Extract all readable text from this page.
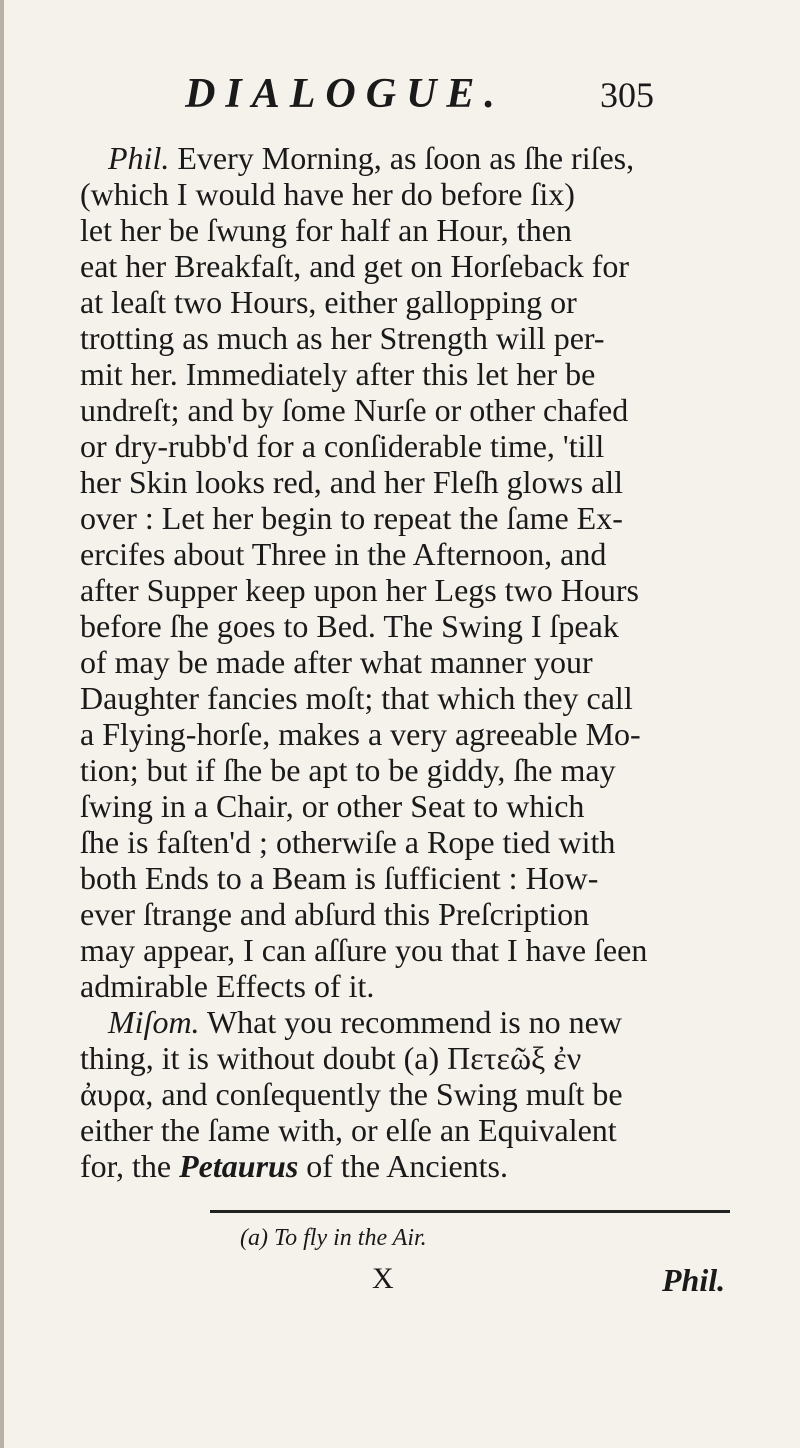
DIALOGUE.	305
Phil. Every Morning, as ſoon as ſhe riſes,
(which I would have her do before ſix)
let her be ſwung for half an Hour, then
eat her Breakfaſt, and get on Horſeback for
at leaſt two Hours, either gallopping or
trotting as much as her Strength will per-
mit her. Immediately after this let her be
undreſt; and by ſome Nurſe or other chafed
or dry-rubb'd for a conſiderable time, 'till
her Skin looks red, and her Fleſh glows all
over : Let her begin to repeat the ſame Ex-
ercifes about Three in the Afternoon, and
after Supper keep upon her Legs two Hours
before ſhe goes to Bed. The Swing I ſpeak
of may be made after what manner your
Daughter fancies moſt; that which they call
a Flying-horſe, makes a very agreeable Mo-
tion; but if ſhe be apt to be giddy, ſhe may
ſwing in a Chair, or other Seat to which
ſhe is faſten'd ; otherwiſe a Rope tied with
both Ends to a Beam is ſufficient : How-
ever ſtrange and abſurd this Preſcription
may appear, I can aſſure you that I have ſeen
admirable Effects of it.
Miſom. What you recommend is no new
thing, it is without doubt (a) Πετεῶξ ἐν
ἀυρα, and conſequently the Swing muſt be
either the ſame with, or elſe an Equivalent
for, the Petaurus of the Ancients.
(a) To fly in the Air.
X	Phil.
